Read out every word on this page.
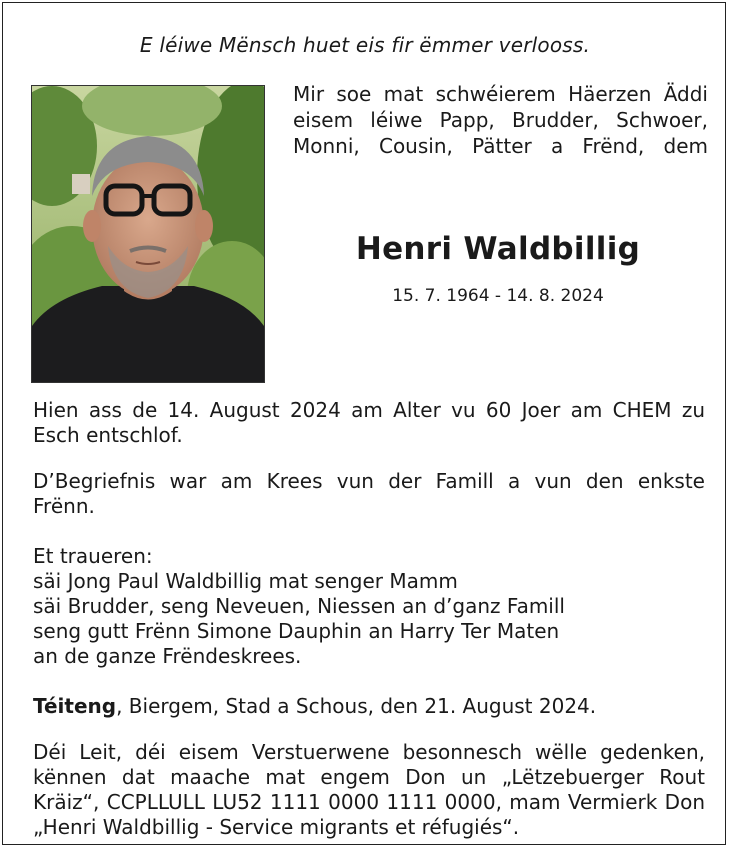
E léiwe Mënsch huet eis fir ëmmer verlooss.
Mir soe mat schwéierem Häerzen Äddi
eisem léiwe Papp, Brudder, Schwoer,
Monni, Cousin, Pätter a Frënd, dem
Henri Waldbillig
15. 7. 1964 - 14. 8. 2024
Hien ass de 14. August 2024 am Alter vu 60 Joer am CHEM zu
Esch entschlof.
D’Begriefnis war am Krees vun der Famill a vun den enkste
Frënn.
Et traueren:
säi Jong Paul Waldbillig mat senger Mamm
säi Brudder, seng Neveuen, Niessen an d’ganz Famill
seng gutt Frënn Simone Dauphin an Harry Ter Maten
an de ganze Frëndeskrees.
Téiteng, Biergem, Stad a Schous, den 21. August 2024.
Déi Leit, déi eisem Verstuerwene besonnesch wëlle gedenken,
kënnen dat maache mat engem Don un „Lëtzebuerger Rout
Kräiz“, CCPLLULL LU52 1111 0000 1111 0000, mam Vermierk Don
„Henri Waldbillig - Service migrants et réfugiés“.
